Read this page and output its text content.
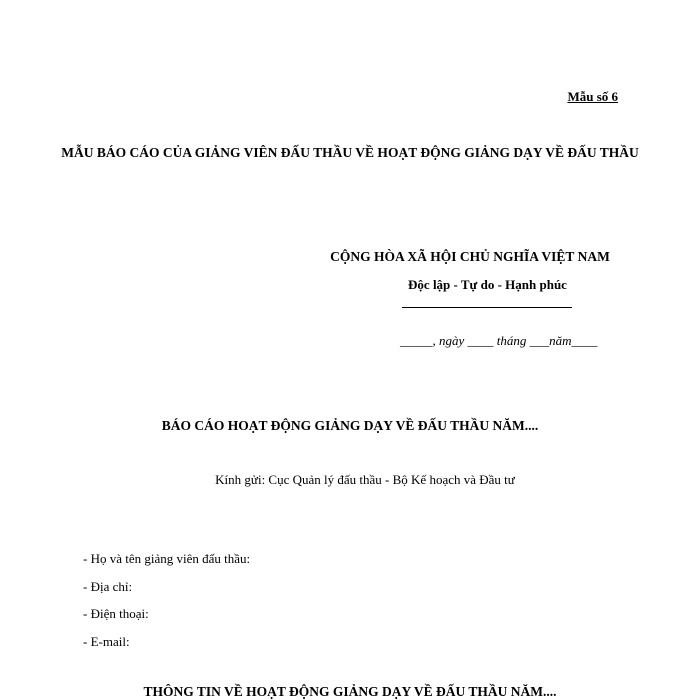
Mẫu số 6
MẪU BÁO CÁO CỦA GIẢNG VIÊN ĐẤU THẦU VỀ HOẠT ĐỘNG GIẢNG DẠY VỀ ĐẤU THẦU
CỘNG HÒA XÃ HỘI CHỦ NGHĨA VIỆT NAM
Độc lập - Tự do - Hạnh phúc
_____, ngày ____ tháng ___năm____
BÁO CÁO HOẠT ĐỘNG GIẢNG DẠY VỀ ĐẤU THẦU NĂM....
Kính gửi: Cục Quản lý đấu thầu - Bộ Kế hoạch và Đầu tư
- Họ và tên giảng viên đấu thầu:
- Địa chỉ:
- Điện thoại:
- E-mail:
THÔNG TIN VỀ HOẠT ĐỘNG GIẢNG DẠY VỀ ĐẤU THẦU NĂM....
